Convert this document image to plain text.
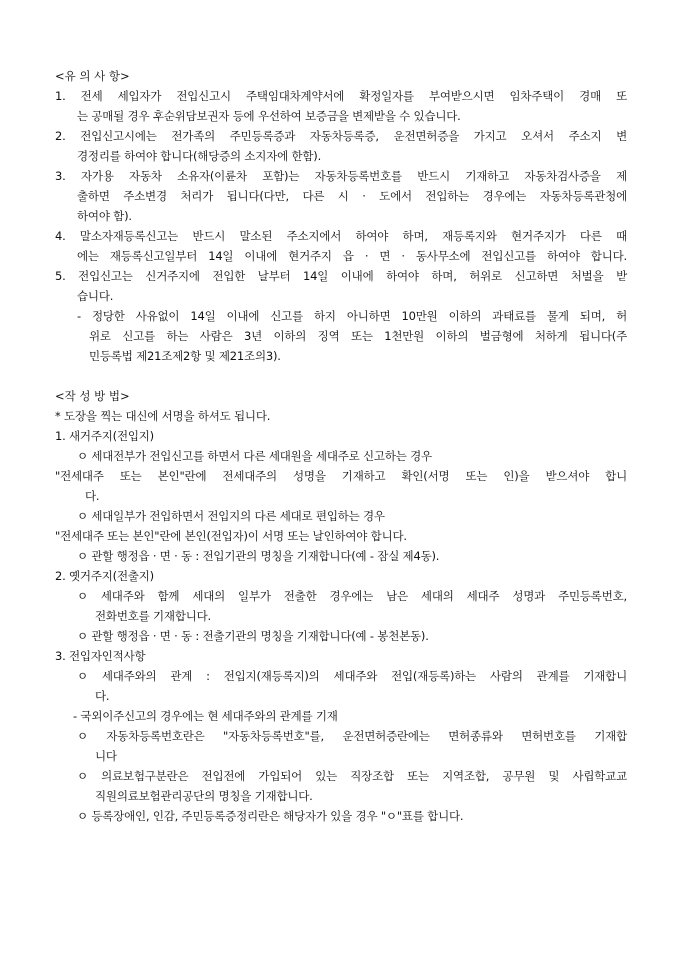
<유 의 사 항>
1. 전세 세입자가 전입신고시 주택임대차계약서에 확정일자를 부여받으시면 임차주택이 경매 또
는 공매될 경우 후순위담보권자 등에 우선하여 보증금을 변제받을 수 있습니다.
2. 전입신고시에는 전가족의 주민등록증과 자동차등록증, 운전면허증을 가지고 오셔서 주소지 변
경정리를 하여야 합니다(해당증의 소지자에 한함).
3. 자가용 자동차 소유자(이륜차 포함)는 자동차등록번호를 반드시 기재하고 자동차검사증을 제
출하면 주소변경 처리가 됩니다(다만, 다른 시 · 도에서 전입하는 경우에는 자동차등록관청에
하여야 함).
4. 말소자재등록신고는 반드시 말소된 주소지에서 하여야 하며, 재등록지와 현거주지가 다른 때
에는 재등록신고일부터 14일 이내에 현거주지 읍 · 면 · 동사무소에 전입신고를 하여야 합니다.
5. 전입신고는 신거주지에 전입한 날부터 14일 이내에 하여야 하며, 허위로 신고하면 처벌을 받
습니다.
- 정당한 사유없이 14일 이내에 신고를 하지 아니하면 10만원 이하의 과태료를 물게 되며, 허
위로 신고를 하는 사람은 3년 이하의 징역 또는 1천만원 이하의 벌금형에 처하게 됩니다(주
민등록법 제21조제2항 및 제21조의3).
<작 성 방 법>
* 도장을 찍는 대신에 서명을 하셔도 됩니다.
1. 새거주지(전입지)
ㅇ 세대전부가 전입신고를 하면서 다른 세대원을 세대주로 신고하는 경우
"전세대주 또는 본인"란에 전세대주의 성명을 기재하고 확인(서명 또는 인)을 받으셔야 합니
다.
ㅇ 세대일부가 전입하면서 전입지의 다른 세대로 편입하는 경우
"전세대주 또는 본인"란에 본인(전입자)이 서명 또는 날인하여야 합니다.
ㅇ 관할 행정읍 · 면 · 동 : 전입기관의 명칭을 기재합니다(예 - 잠실 제4동).
2. 옛거주지(전출지)
ㅇ 세대주와 함께 세대의 일부가 전출한 경우에는 남은 세대의 세대주 성명과 주민등록번호,
전화번호를 기재합니다.
ㅇ 관할 행정읍 · 면 · 동 : 전출기관의 명칭을 기재합니다(예 - 봉천본동).
3. 전입자인적사항
ㅇ 세대주와의 관계 : 전입지(재등록지)의 세대주와 전입(재등록)하는 사람의 관계를 기재합니
다.
- 국외이주신고의 경우에는 현 세대주와의 관계를 기재
ㅇ 자동차등록번호란은 "자동차등록번호"를, 운전면허증란에는 면허종류와 면허번호를 기재합
니다
ㅇ 의료보험구분란은 전입전에 가입되어 있는 직장조합 또는 지역조합, 공무원 및 사립학교교
직원의료보험관리공단의 명칭을 기재합니다.
ㅇ 등록장애인, 인감, 주민등록증정리란은 해당자가 있을 경우 "ㅇ"표를 합니다.
